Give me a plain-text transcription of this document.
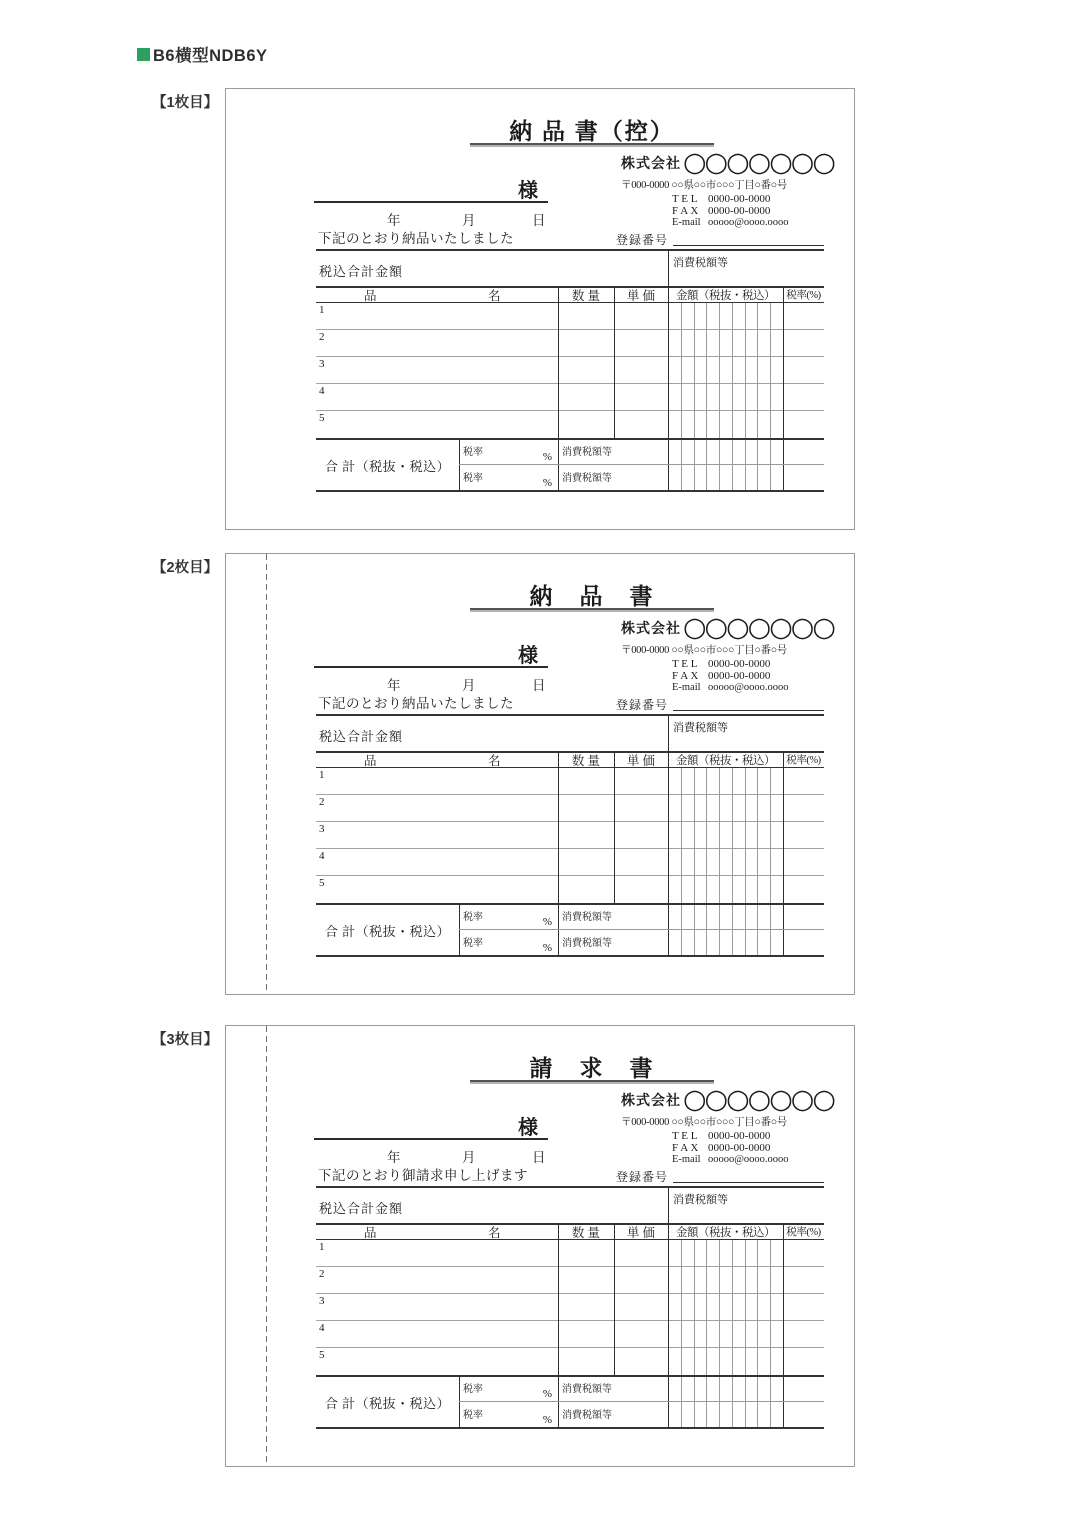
B6横型NDB6Y
【1枚目】
納 品 書（控）
株式会社 ○○○○○○○
〒000-0000 ○○県○○市○○○丁目○番○号
T E L 0000-00-0000
F A X 0000-00-0000
E-mail ooooo@oooo.oooo
様
年	月	日
下記のとおり納品いたしました	登録番号
税込合計金額
消費税額等
品	名	数 量	単 価	金額（税抜・税込）	税率(%)
1
2
3
4
5
合 計（税抜・税込）
税率	% 消費税額等
税率	% 消費税額等
【2枚目】
納　品　書
株式会社 ○○○○○○○
〒000-0000 ○○県○○市○○○丁目○番○号
T E L 0000-00-0000
F A X 0000-00-0000
E-mail ooooo@oooo.oooo
様
年	月	日
下記のとおり納品いたしました	登録番号
税込合計金額
消費税額等
品	名	数 量	単 価	金額（税抜・税込）	税率(%)
1
2
3
4
5
合 計（税抜・税込）
税率	% 消費税額等
税率	% 消費税額等
【3枚目】
請　求　書
株式会社 ○○○○○○○
〒000-0000 ○○県○○市○○○丁目○番○号
T E L 0000-00-0000
F A X 0000-00-0000
E-mail ooooo@oooo.oooo
様
年	月	日
下記のとおり御請求申し上げます	登録番号
税込合計金額
消費税額等
品	名	数 量	単 価	金額（税抜・税込）	税率(%)
1
2
3
4
5
合 計（税抜・税込）
税率	% 消費税額等
税率	% 消費税額等
